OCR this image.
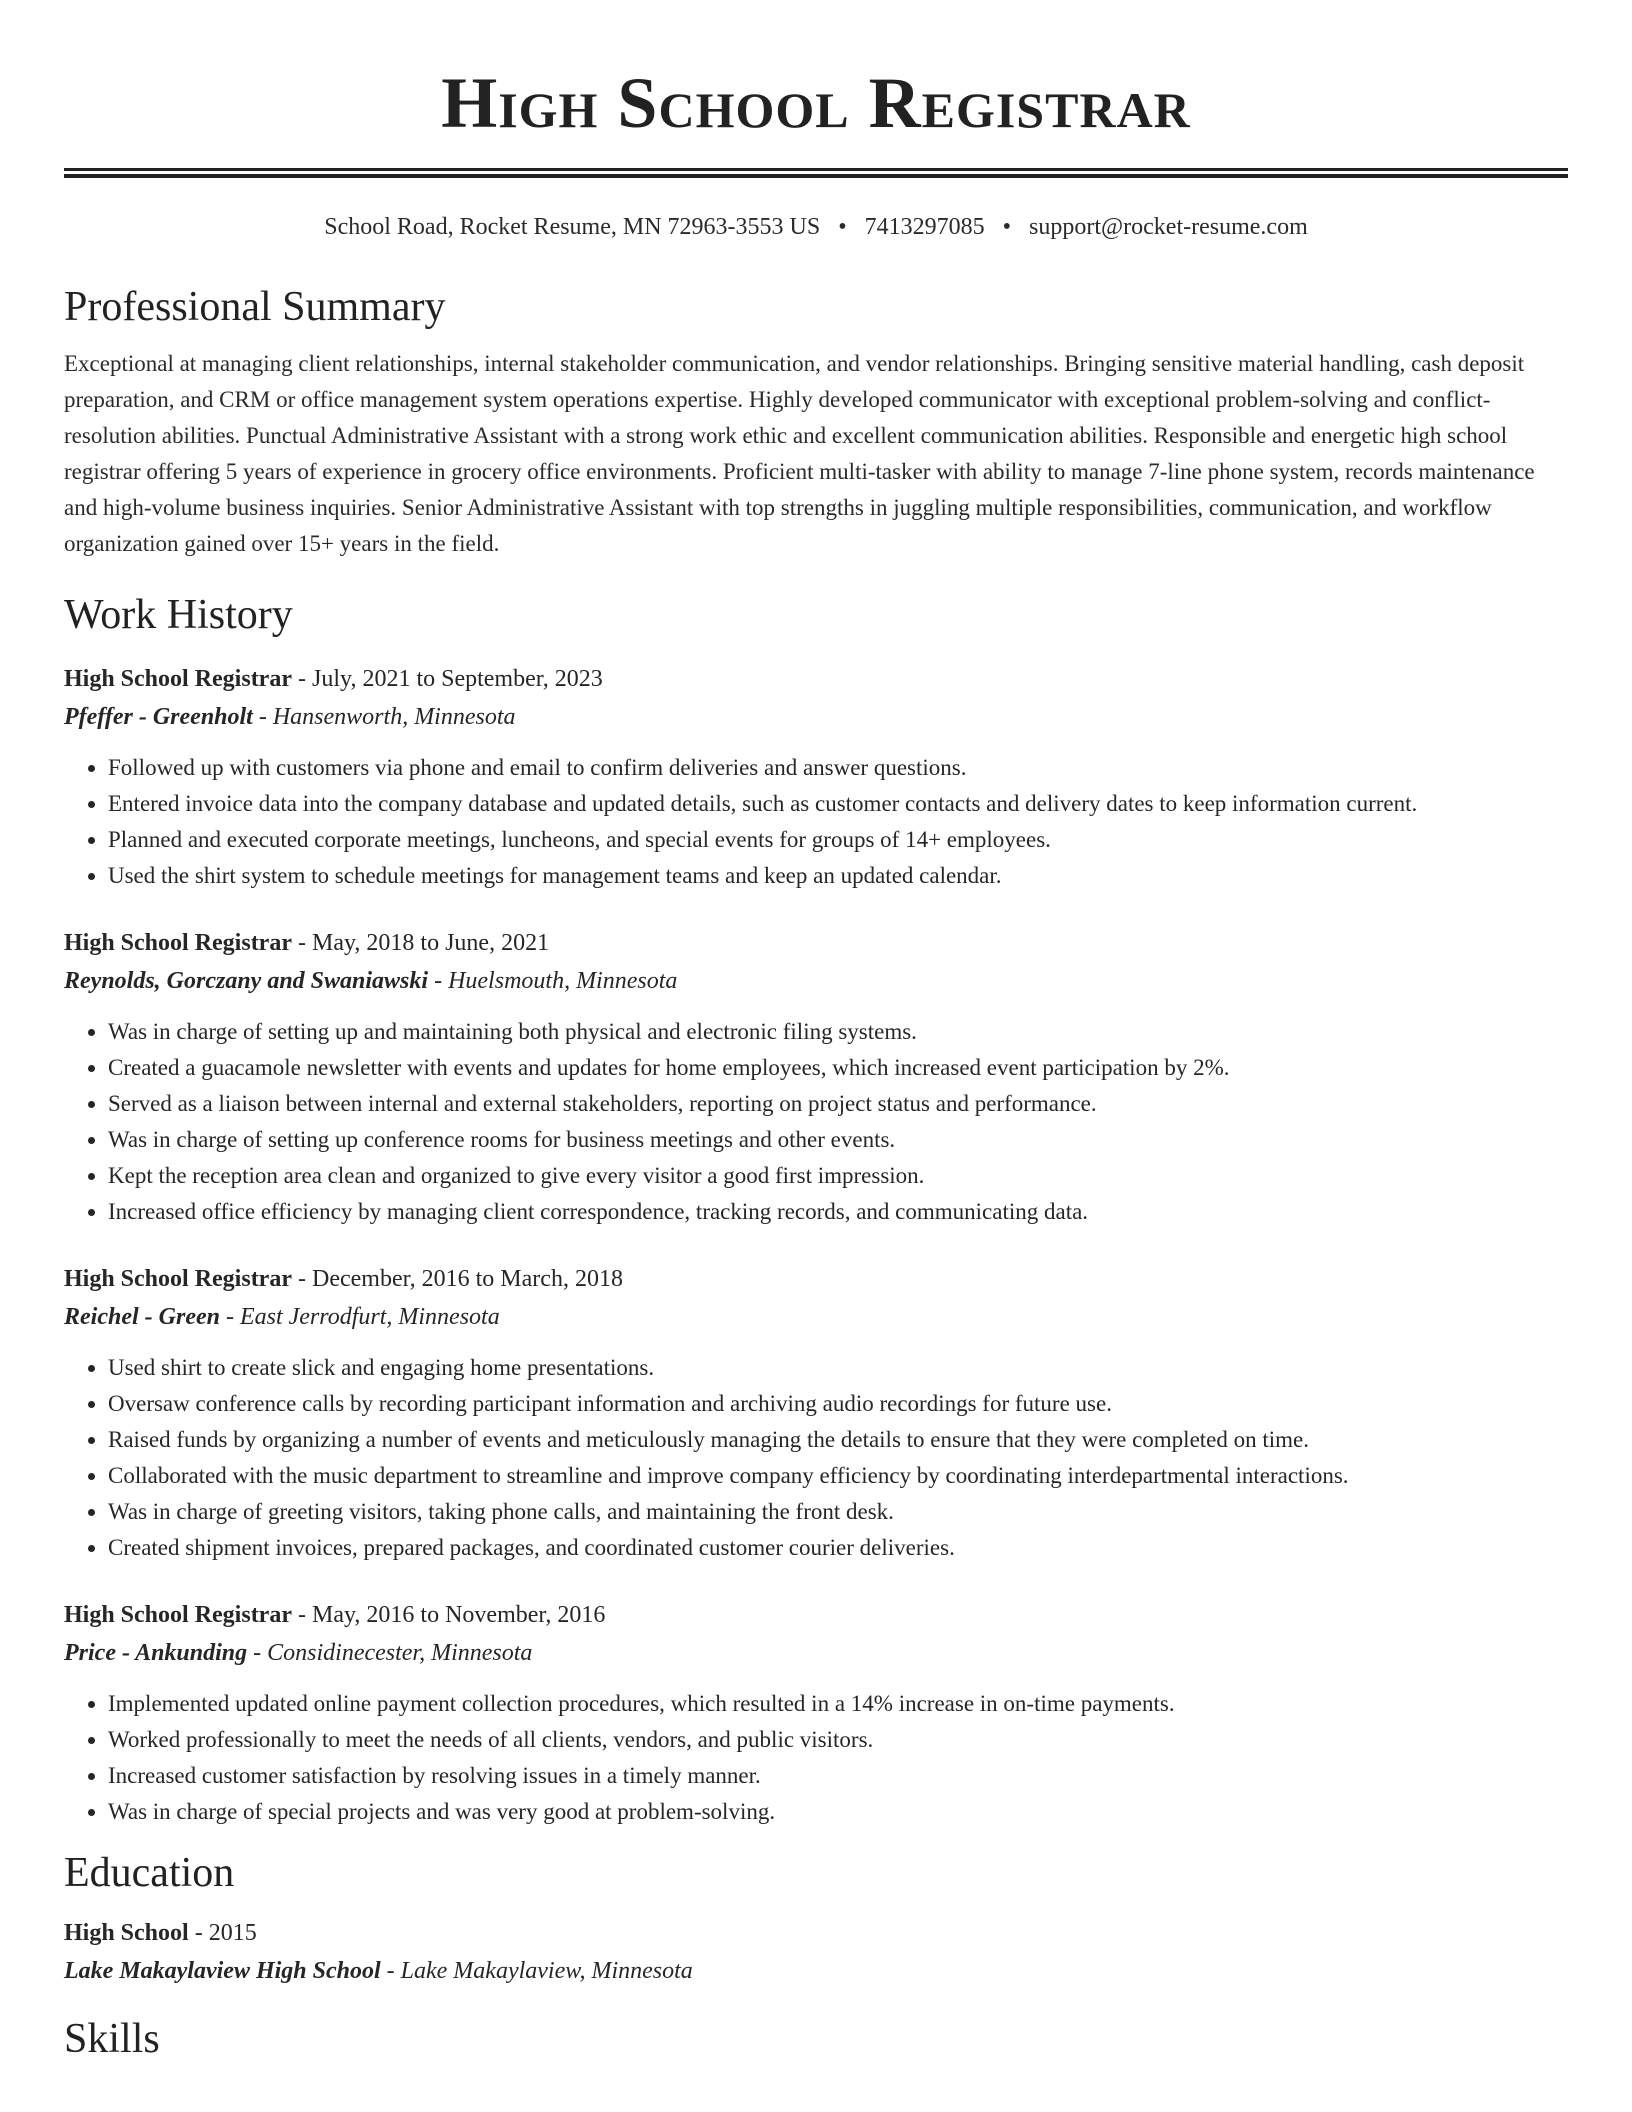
High School Registrar
School Road, Rocket Resume, MN 72963-3553 US • 7413297085 • support@rocket-resume.com
Professional Summary
Exceptional at managing client relationships, internal stakeholder communication, and vendor relationships. Bringing sensitive material handling, cash deposit preparation, and CRM or office management system operations expertise. Highly developed communicator with exceptional problem-solving and conflict-resolution abilities. Punctual Administrative Assistant with a strong work ethic and excellent communication abilities. Responsible and energetic high school registrar offering 5 years of experience in grocery office environments. Proficient multi-tasker with ability to manage 7-line phone system, records maintenance and high-volume business inquiries. Senior Administrative Assistant with top strengths in juggling multiple responsibilities, communication, and workflow organization gained over 15+ years in the field.
Work History
High School Registrar - July, 2021 to September, 2023
Pfeffer - Greenholt - Hansenworth, Minnesota
• Followed up with customers via phone and email to confirm deliveries and answer questions.
• Entered invoice data into the company database and updated details, such as customer contacts and delivery dates to keep information current.
• Planned and executed corporate meetings, luncheons, and special events for groups of 14+ employees.
• Used the shirt system to schedule meetings for management teams and keep an updated calendar.
High School Registrar - May, 2018 to June, 2021
Reynolds, Gorczany and Swaniawski - Huelsmouth, Minnesota
• Was in charge of setting up and maintaining both physical and electronic filing systems.
• Created a guacamole newsletter with events and updates for home employees, which increased event participation by 2%.
• Served as a liaison between internal and external stakeholders, reporting on project status and performance.
• Was in charge of setting up conference rooms for business meetings and other events.
• Kept the reception area clean and organized to give every visitor a good first impression.
• Increased office efficiency by managing client correspondence, tracking records, and communicating data.
High School Registrar - December, 2016 to March, 2018
Reichel - Green - East Jerrodfurt, Minnesota
• Used shirt to create slick and engaging home presentations.
• Oversaw conference calls by recording participant information and archiving audio recordings for future use.
• Raised funds by organizing a number of events and meticulously managing the details to ensure that they were completed on time.
• Collaborated with the music department to streamline and improve company efficiency by coordinating interdepartmental interactions.
• Was in charge of greeting visitors, taking phone calls, and maintaining the front desk.
• Created shipment invoices, prepared packages, and coordinated customer courier deliveries.
High School Registrar - May, 2016 to November, 2016
Price - Ankunding - Considinecester, Minnesota
• Implemented updated online payment collection procedures, which resulted in a 14% increase in on-time payments.
• Worked professionally to meet the needs of all clients, vendors, and public visitors.
• Increased customer satisfaction by resolving issues in a timely manner.
• Was in charge of special projects and was very good at problem-solving.
Education
High School - 2015
Lake Makaylaview High School - Lake Makaylaview, Minnesota
Skills
